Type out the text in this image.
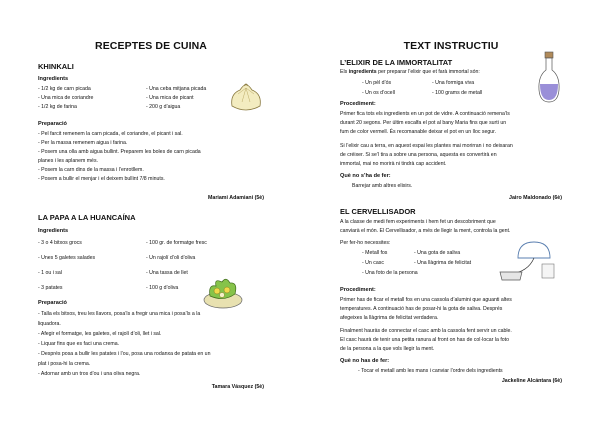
RECEPTES DE CUINA
KHINKALI
Ingredients
- 1/2 kg de carn picada	- Una ceba mitjana picada
- Una mica de coriandre	- Una mica de picant
- 1/2 kg de farina	- 200 g d’aigua
Preparació
- Pel farcit remenem la carn picada, el coriandre, el picant i sal.
- Per la massa remenem aigua i farina.
- Posem una olla amb aigua bullint. Preparem les boles de carn picada
planes i les aplanem més.
- Posem la carn dins de la massa i l’enrotllem.
- Posem a bullir el menjar i el deixem bullint 7/8 minuts.
Mariami Adamiani (5è)
LA PAPA A LA HUANCAÍNA
Ingredients
- 3 o 4 bitxos grocs	- 100 gr. de formatge fresc
- Unes 5 galetes salades	- Un rajolí d’oli d’oliva
- 1 ou i sal	- Una tassa de llet
- 3 patates	- 100 g d’oliva
Preparació
- Talla els bitxos, treu les llavors, posa’ls a fregir una mica i posa’ls a la
liquadora.
- Afegir el formatge, les galetes, el rajolí d’oli, llet i sal.
- Liquar fins que es faci una crema.
- Després posa a bullir les patates i l’ou, posa una rodanxa de patata en un
plat i posa-hi la crema.
- Adornar amb un tros d’ou i una oliva negra.
Tamara Vásquez (5è)
TEXT INSTRUCTIU
L’ELIXIR DE LA IMMORTALITAT
Els ingredients per preparar l’elixir que et farà immortal són:
- Un pèl d’ós	- Una formiga viva
- Un os d’ocell	- 100 grams de metall
Procediment:
Primer fica tots els ingredients en un pot de vidre. A continuació remena’ls
durant 20 segons. Per últim escalfa el pot al bany Maria fins que surti un
fum de color vermell. És recomanable deixar el pot en un lloc segur.
Si l’elixir cau a terra, en aquest espai les plantes mai morirran i no deixaran
de créixer. Si se’l tira a sobre una persona, aquesta es convertirà en
immortal, mai no morirà ni tindrà cap accident.
Què no s’ha de fer:
Barrejar amb altres elixirs.
Jairo Maldonado (6è)
EL CERVELLISADOR
A la classe de medi fem experiments i hem fet un descobriment que
canviarà el món. El Cervellisador, a més de llegir la ment, controla la gent.
Per fer-ho necessites:
- Metall fos	- Una gota de saliva
- Un casc	- Una llàgrima de felicitat
- Una foto de la persona
Procediment:
Primer has de ficar el metall fos en una cassola d’alumini que aguanti altes
temperatures. A continuació has de posar-hi la gota de saliva. Després
afegeixes la llàgrima de felicitat verdadera.
Finalment hauràs de connectar el casc amb la cassola fent servir un cable.
El casc haurà de tenir una petita ranura al front on has de col·locar la foto
de la persona a la que vols llegir la ment.
Què no has de fer:
- Tocar el metall amb les mans i canviar l’ordre dels ingredients
Jackeline Alcántara (6è)
